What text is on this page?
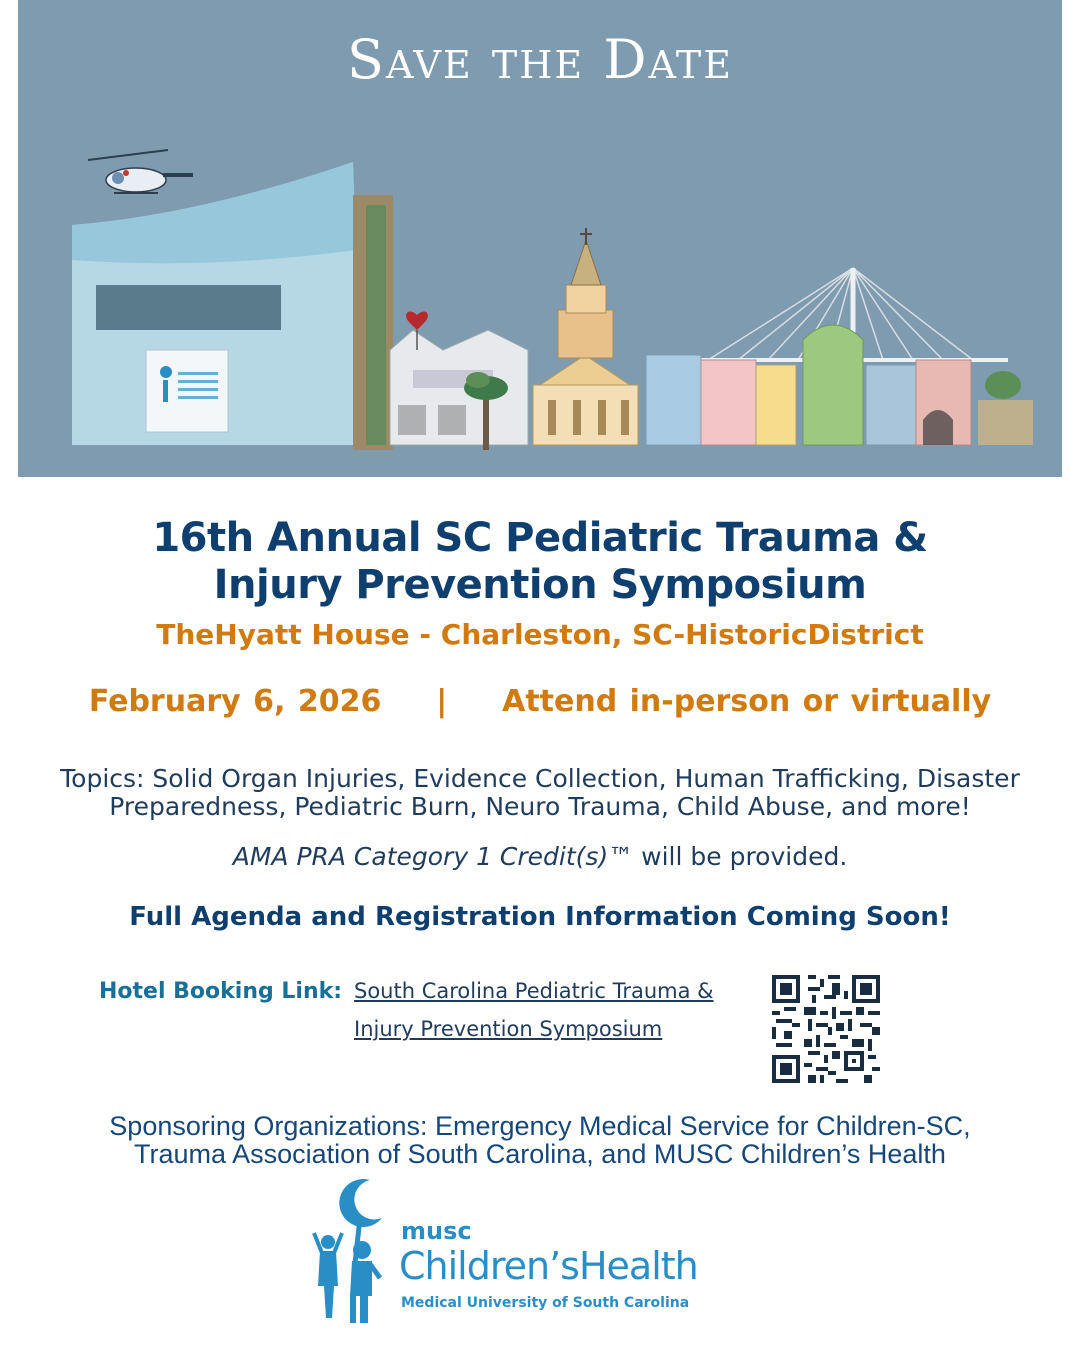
Save the Date
16th Annual SC Pediatric Trauma &
Injury Prevention Symposium
TheHyatt House - Charleston, SC-HistoricDistrict
February 6, 2026 | Attend in-person or virtually
Topics: Solid Organ Injuries, Evidence Collection, Human Trafficking, Disaster
Preparedness, Pediatric Burn, Neuro Trauma, Child Abuse, and more!
AMA PRA Category 1 Credit(s)™ will be provided.
Full Agenda and Registration Information Coming Soon!
Hotel Booking Link: South Carolina Pediatric Trauma &
Injury Prevention Symposium
Sponsoring Organizations: Emergency Medical Service for Children-SC,
Trauma Association of South Carolina, and MUSC Children’s Health
musc
Children’sHealth
Medical University of South Carolina
